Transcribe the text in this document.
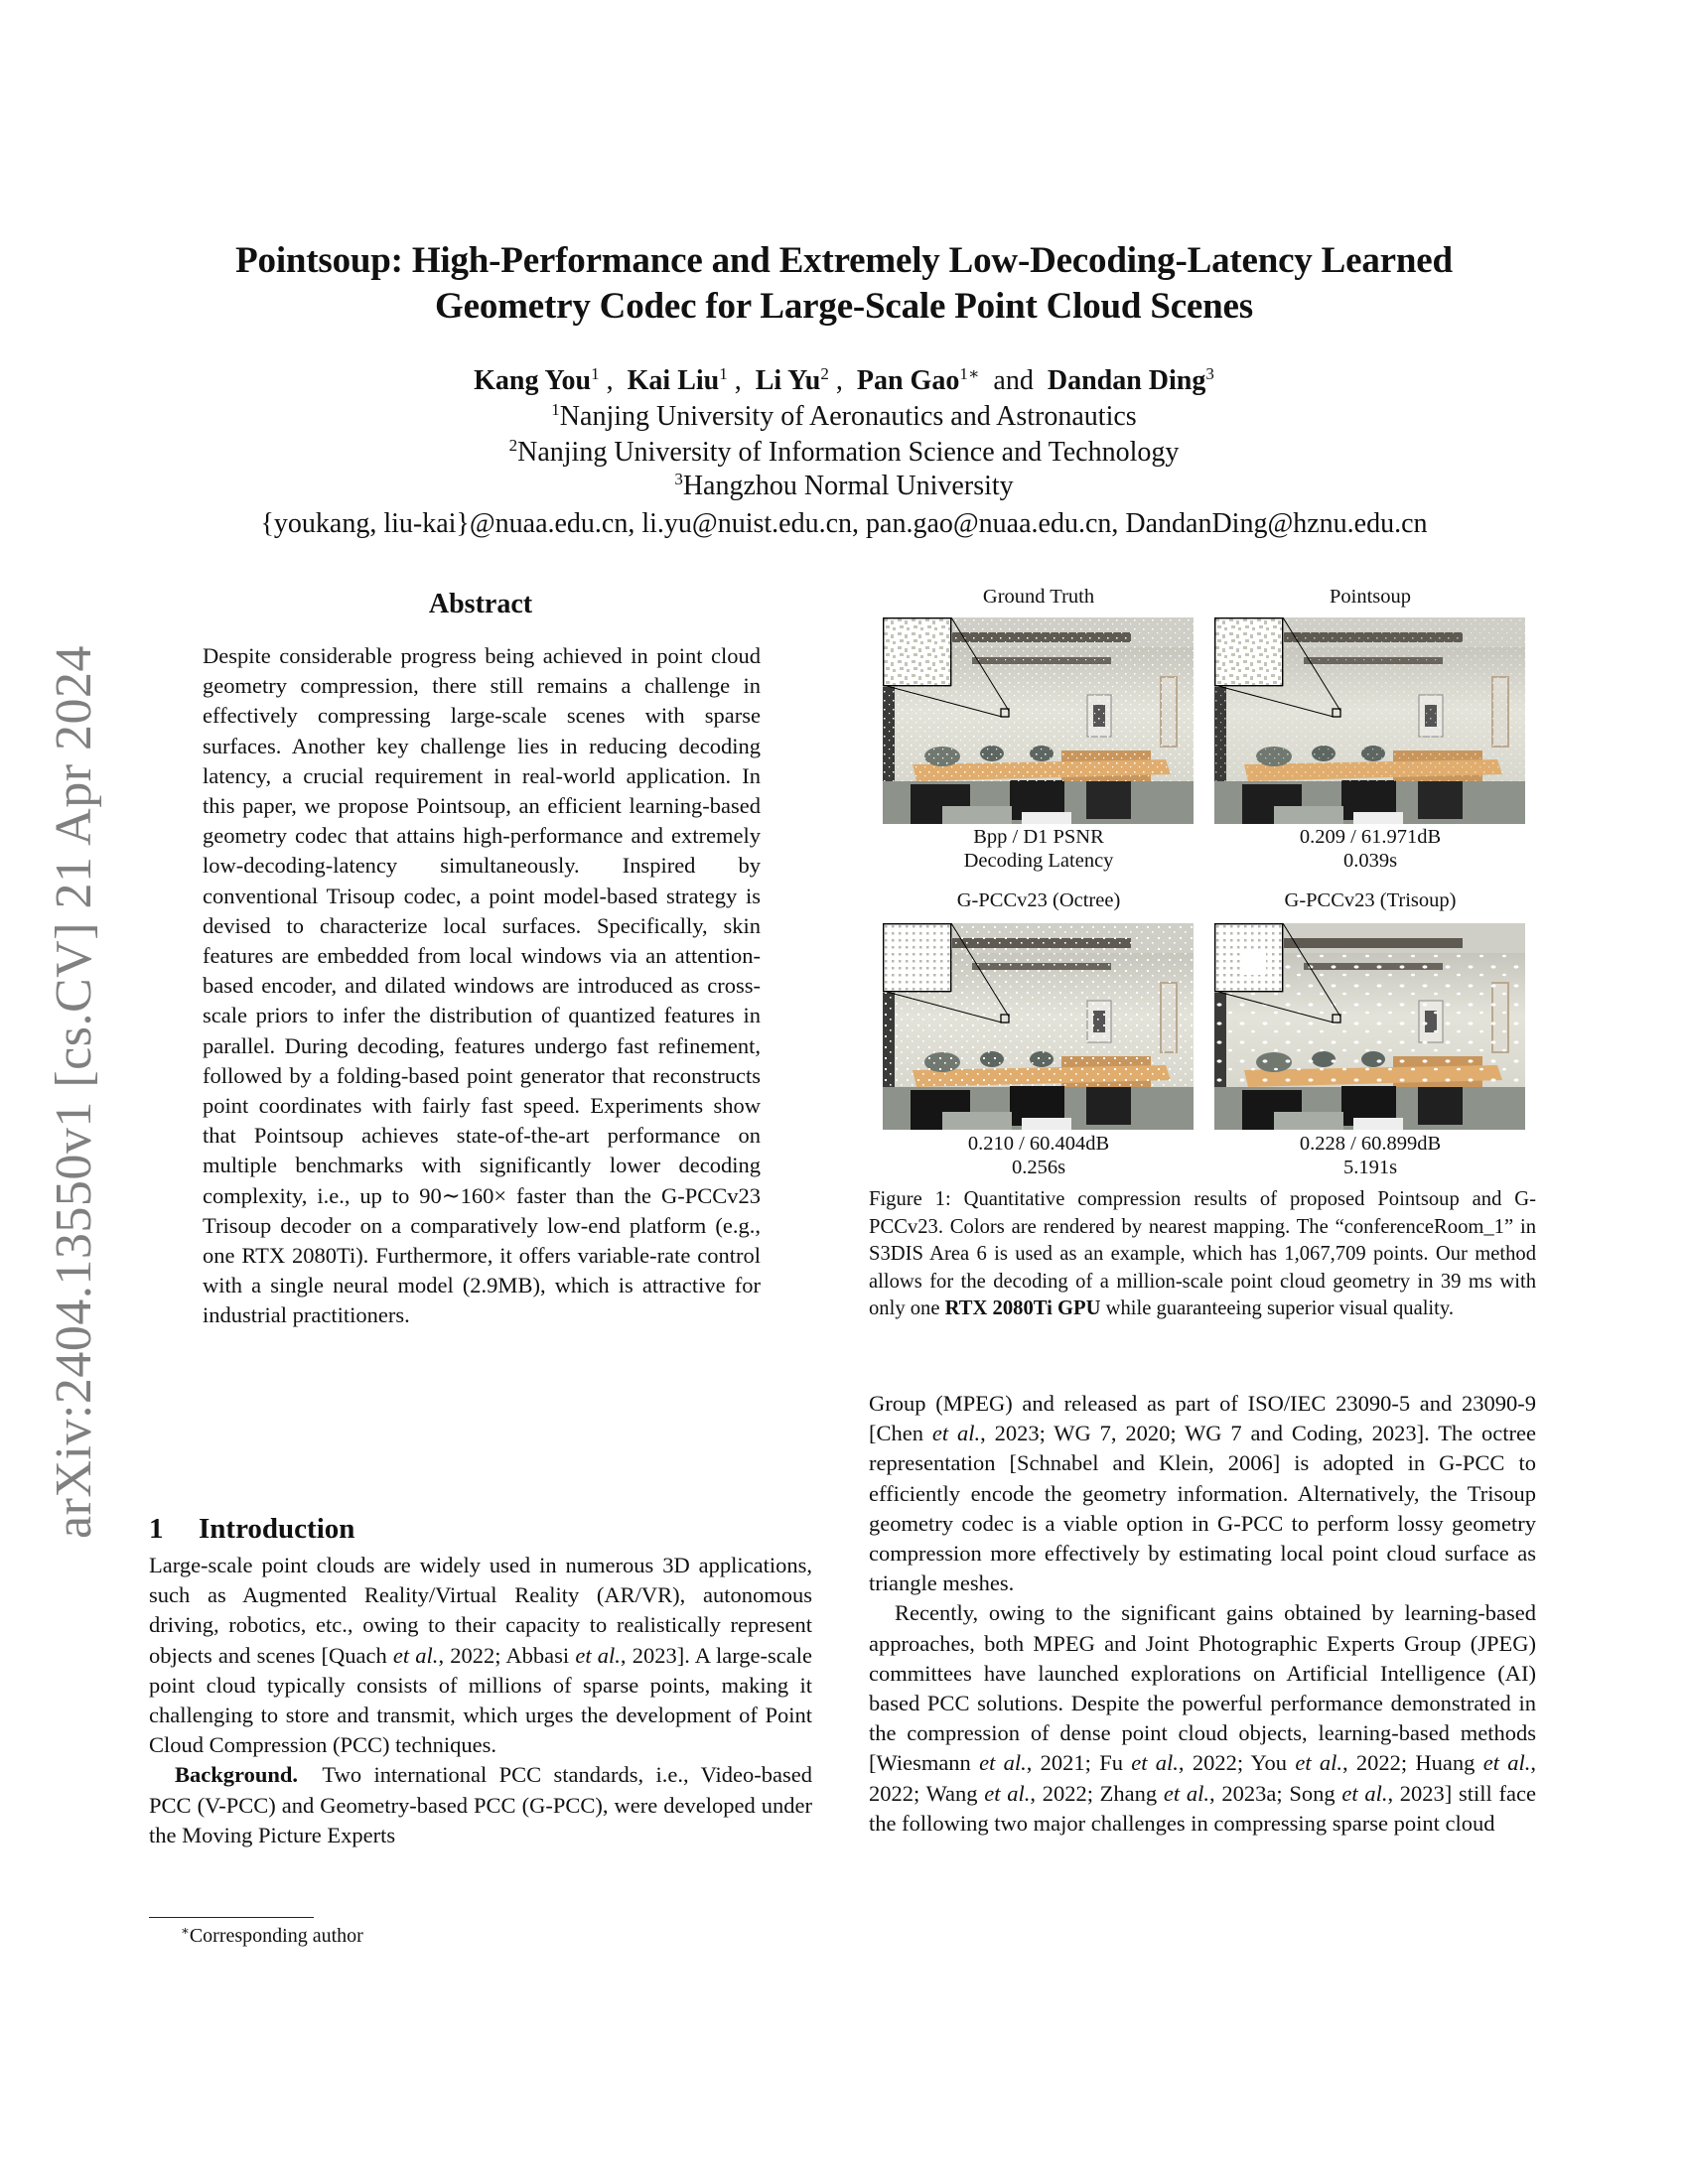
arXiv:2404.13550v1 [cs.CV] 21 Apr 2024
Pointsoup: High-Performance and Extremely Low-Decoding-Latency Learned
Geometry Codec for Large-Scale Point Cloud Scenes
Kang You$^1$ ,  Kai Liu$^1$ ,  Li Yu$^2$ ,  Pan Gao$^{1∗}$ and Dandan Ding$^3$
$^1$Nanjing University of Aeronautics and Astronautics
$^2$Nanjing University of Information Science and Technology
$^3$Hangzhou Normal University
{youkang, liu-kai}@nuaa.edu.cn, li.yu@nuist.edu.cn, pan.gao@nuaa.edu.cn, DandanDing@hznu.edu.cn
Abstract

Despite considerable progress being achieved in point cloud geometry compression, there still remains a challenge in effectively compressing large-scale scenes with sparse surfaces. Another key challenge lies in reducing decoding latency, a crucial requirement in real-world application. In this paper, we propose Pointsoup, an efficient learning-based geometry codec that attains high-performance and extremely low-decoding-latency simultaneously. Inspired by conventional Trisoup codec, a point model-based strategy is devised to characterize local surfaces. Specifically, skin features are embedded from local windows via an attention-based encoder, and dilated windows are introduced as cross-scale priors to infer the distribution of quantized features in parallel. During decoding, features undergo fast refinement, followed by a folding-based point generator that reconstructs point coordinates with fairly fast speed. Experiments show that Pointsoup achieves state-of-the-art performance on multiple benchmarks with significantly lower decoding complexity, i.e., up to 90∼160× faster than the G-PCCv23 Trisoup decoder on a comparatively low-end platform (e.g., one RTX 2080Ti). Furthermore, it offers variable-rate control with a single neural model (2.9MB), which is attractive for industrial practitioners.

1 Introduction

Large-scale point clouds are widely used in numerous 3D applications, such as Augmented Reality/Virtual Reality (AR/VR), autonomous driving, robotics, etc., owing to their capacity to realistically represent objects and scenes [Quach et al., 2022; Abbasi et al., 2023]. A large-scale point cloud typically consists of millions of sparse points, making it challenging to store and transmit, which urges the development of Point Cloud Compression (PCC) techniques.

Background.  Two international PCC standards, i.e., Video-based PCC (V-PCC) and Geometry-based PCC (G-PCC), were developed under the Moving Picture Experts

∗Corresponding author
Ground Truth	Pointsoup
G-PCCv23 (Octree)	G-PCCv23 (Trisoup)
Bpp / D1 PSNR
Decoding Latency
0.209 / 61.971dB
0.039s
0.210 / 60.404dB
0.256s
0.228 / 60.899dB
5.191s
Figure 1: Quantitative compression results of proposed Pointsoup and G-PCCv23. Colors are rendered by nearest mapping. The “conferenceRoom_1” in S3DIS Area 6 is used as an example, which has 1,067,709 points. Our method allows for the decoding of a million-scale point cloud geometry in 39 ms with only one RTX 2080Ti GPU while guaranteeing superior visual quality.

Group (MPEG) and released as part of ISO/IEC 23090-5 and 23090-9 [Chen et al., 2023; WG 7, 2020; WG 7 and Coding, 2023]. The octree representation [Schnabel and Klein, 2006] is adopted in G-PCC to efficiently encode the geometry information. Alternatively, the Trisoup geometry codec is a viable option in G-PCC to perform lossy geometry compression more effectively by estimating local point cloud surface as triangle meshes.

Recently, owing to the significant gains obtained by learning-based approaches, both MPEG and Joint Photographic Experts Group (JPEG) committees have launched explorations on Artificial Intelligence (AI) based PCC solutions. Despite the powerful performance demonstrated in the compression of dense point cloud objects, learning-based methods [Wiesmann et al., 2021; Fu et al., 2022; You et al., 2022; Huang et al., 2022; Wang et al., 2022; Zhang et al., 2023a; Song et al., 2023] still face the following two major challenges in compressing sparse point cloud
